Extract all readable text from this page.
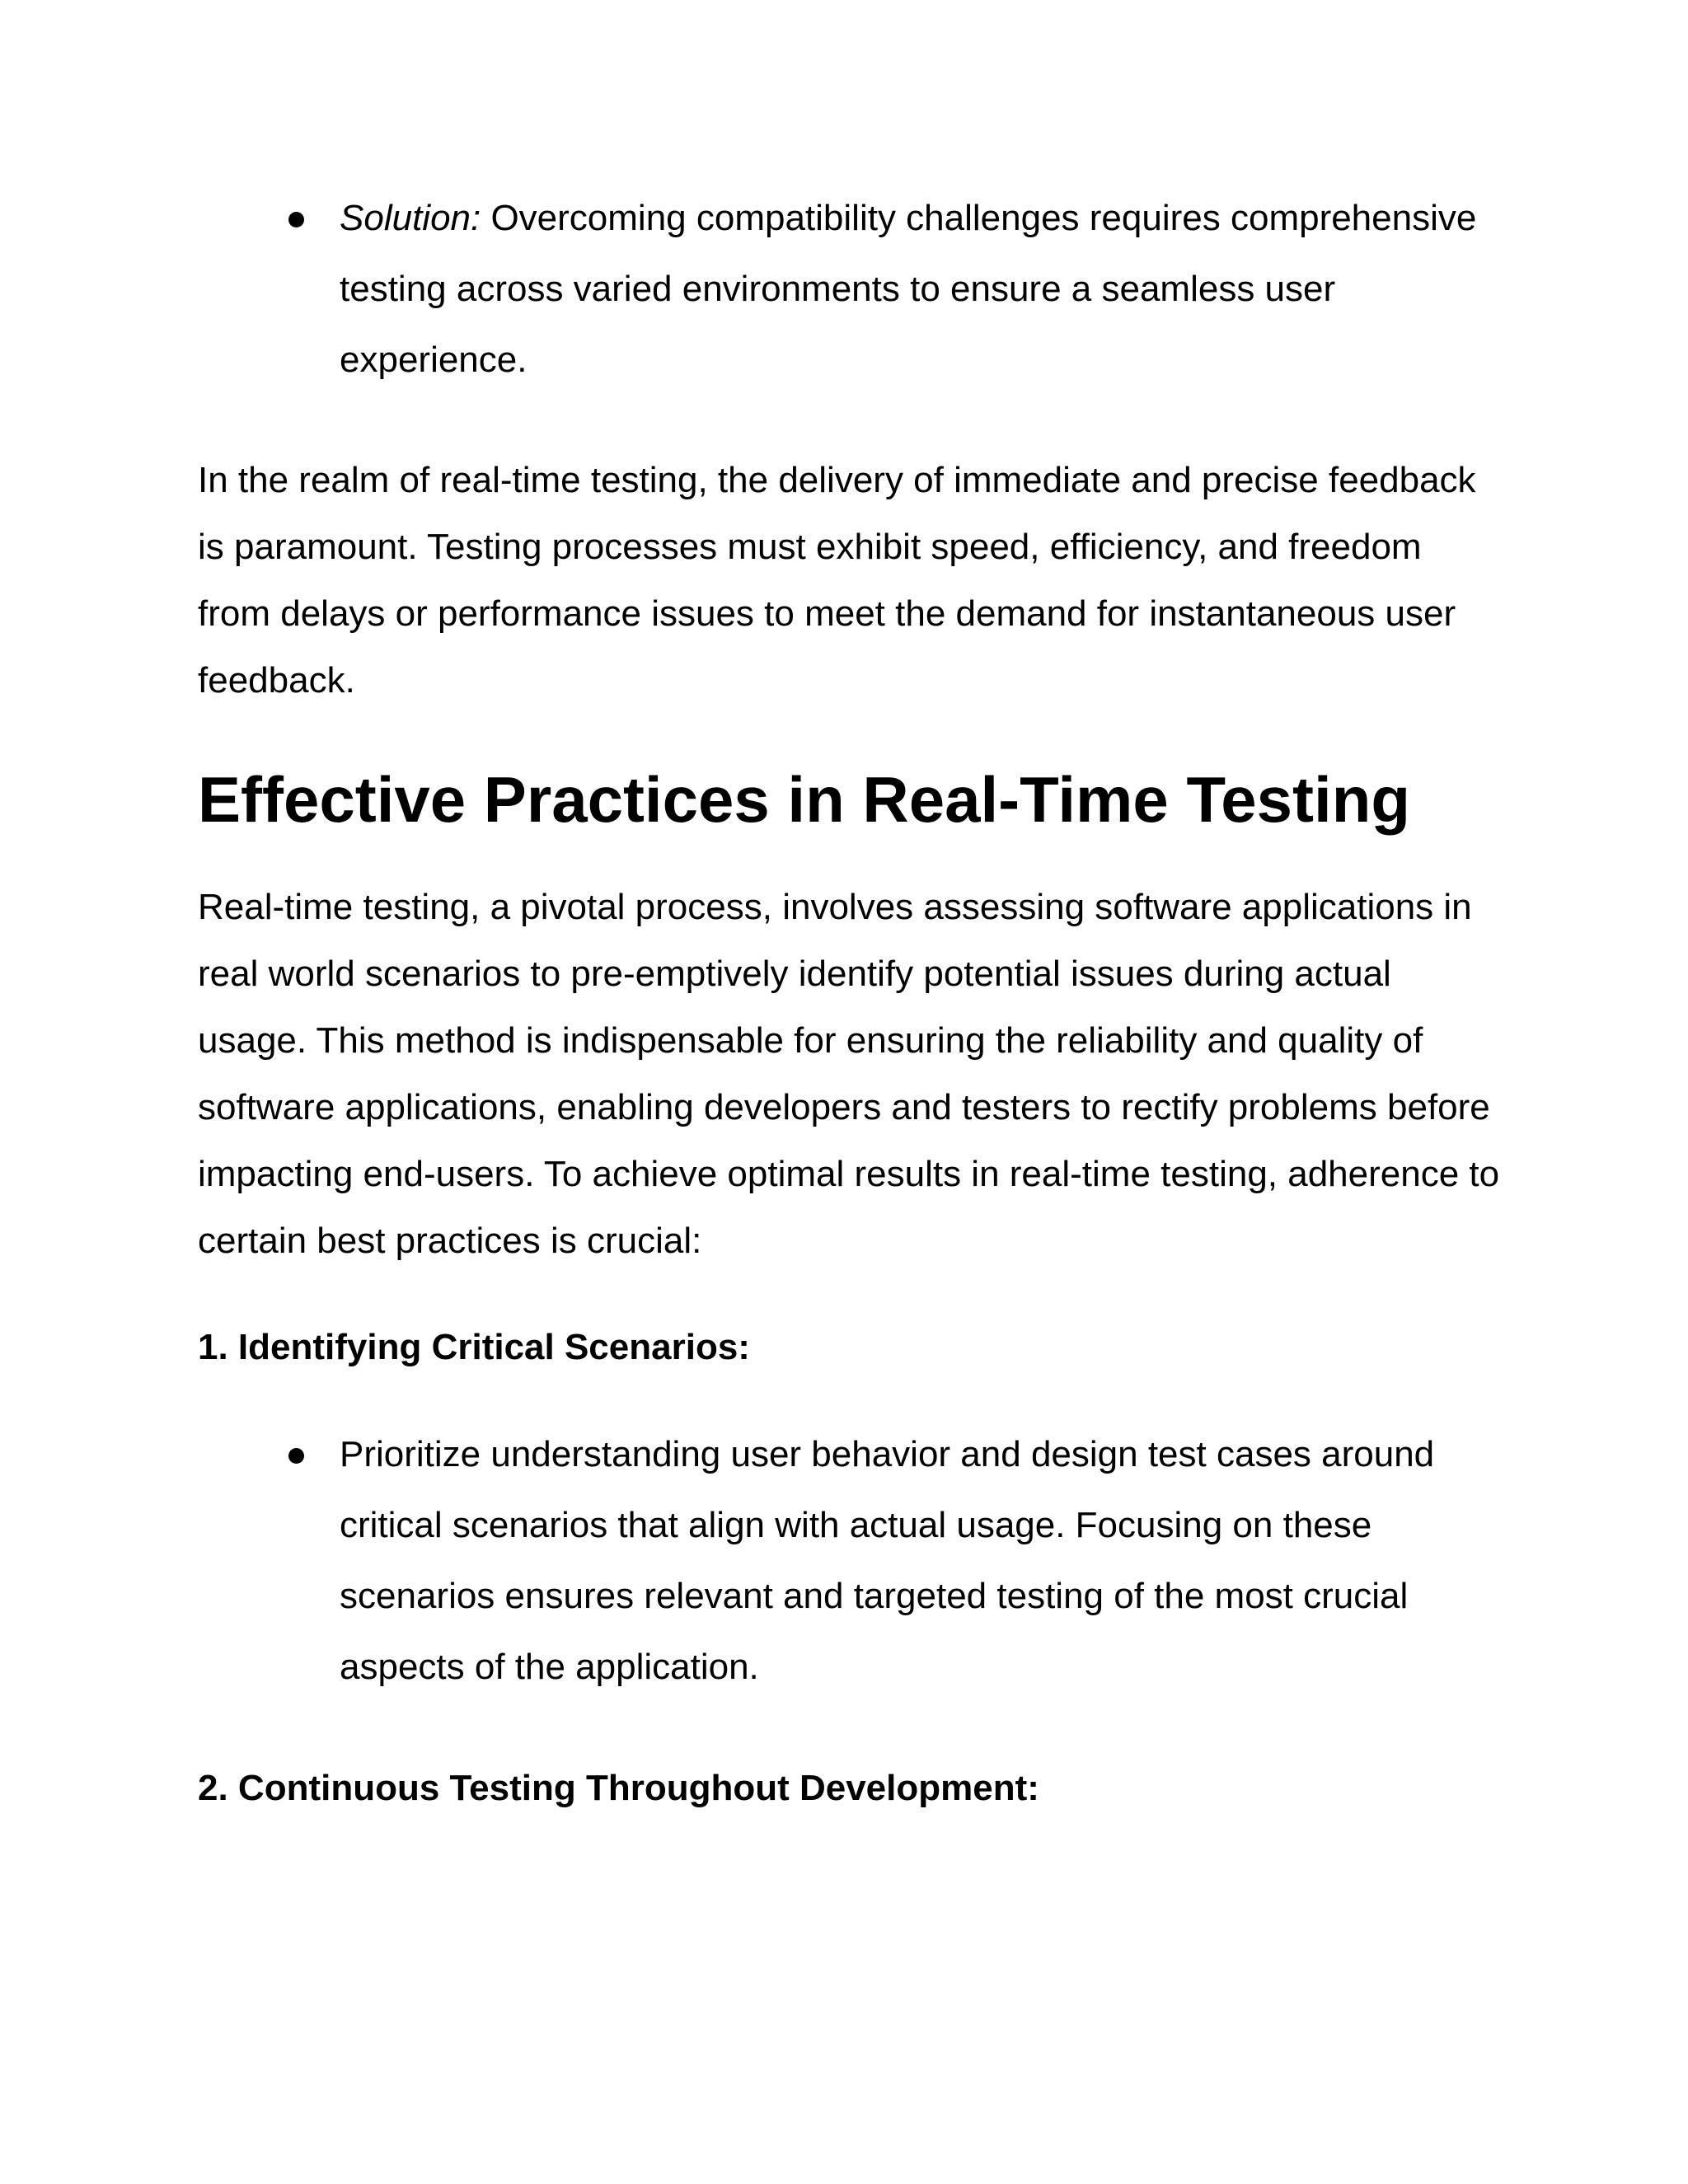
Solution: Overcoming compatibility challenges requires comprehensive testing across varied environments to ensure a seamless user experience.

In the realm of real-time testing, the delivery of immediate and precise feedback is paramount. Testing processes must exhibit speed, efficiency, and freedom from delays or performance issues to meet the demand for instantaneous user feedback.

Effective Practices in Real-Time Testing

Real-time testing, a pivotal process, involves assessing software applications in real world scenarios to pre-emptively identify potential issues during actual usage. This method is indispensable for ensuring the reliability and quality of software applications, enabling developers and testers to rectify problems before impacting end-users. To achieve optimal results in real-time testing, adherence to certain best practices is crucial:

1. Identifying Critical Scenarios:
Prioritize understanding user behavior and design test cases around critical scenarios that align with actual usage. Focusing on these scenarios ensures relevant and targeted testing of the most crucial aspects of the application.
2. Continuous Testing Throughout Development:
